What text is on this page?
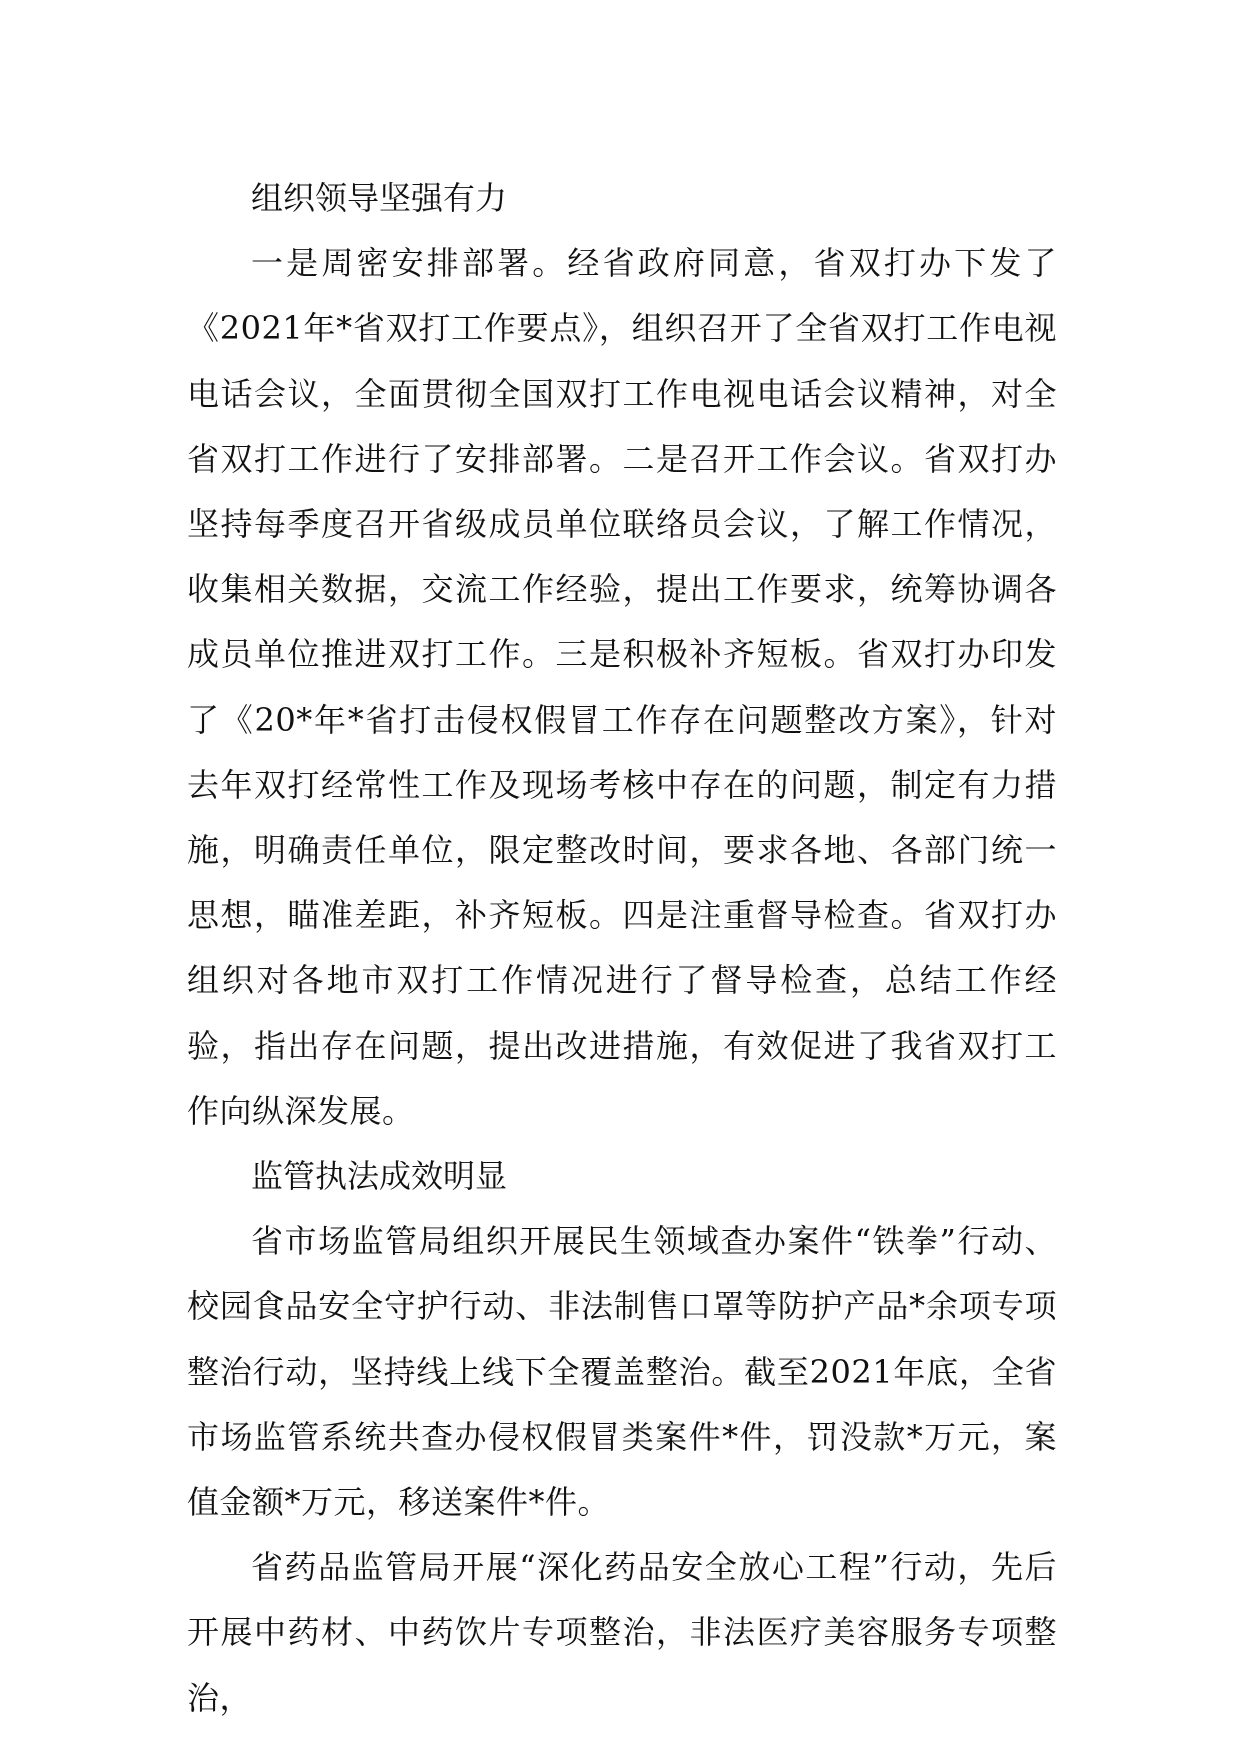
组织领导坚强有力

一是周密安排部署。经省政府同意，省双打办下发了《2021年*省双打工作要点》，组织召开了全省双打工作电视电话会议，全面贯彻全国双打工作电视电话会议精神，对全省双打工作进行了安排部署。二是召开工作会议。省双打办坚持每季度召开省级成员单位联络员会议，了解工作情况，收集相关数据，交流工作经验，提出工作要求，统筹协调各成员单位推进双打工作。三是积极补齐短板。省双打办印发了《20*年*省打击侵权假冒工作存在问题整改方案》，针对去年双打经常性工作及现场考核中存在的问题，制定有力措施，明确责任单位，限定整改时间，要求各地、各部门统一思想，瞄准差距，补齐短板。四是注重督导检查。省双打办组织对各地市双打工作情况进行了督导检查，总结工作经验，指出存在问题，提出改进措施，有效促进了我省双打工作向纵深发展。

监管执法成效明显

省市场监管局组织开展民生领域查办案件“铁拳”行动、校园食品安全守护行动、非法制售口罩等防护产品*余项专项整治行动，坚持线上线下全覆盖整治。截至2021年底，全省市场监管系统共查办侵权假冒类案件*件，罚没款*万元，案值金额*万元，移送案件*件。

省药品监管局开展“深化药品安全放心工程”行动，先后开展中药材、中药饮片专项整治，非法医疗美容服务专项整治，
